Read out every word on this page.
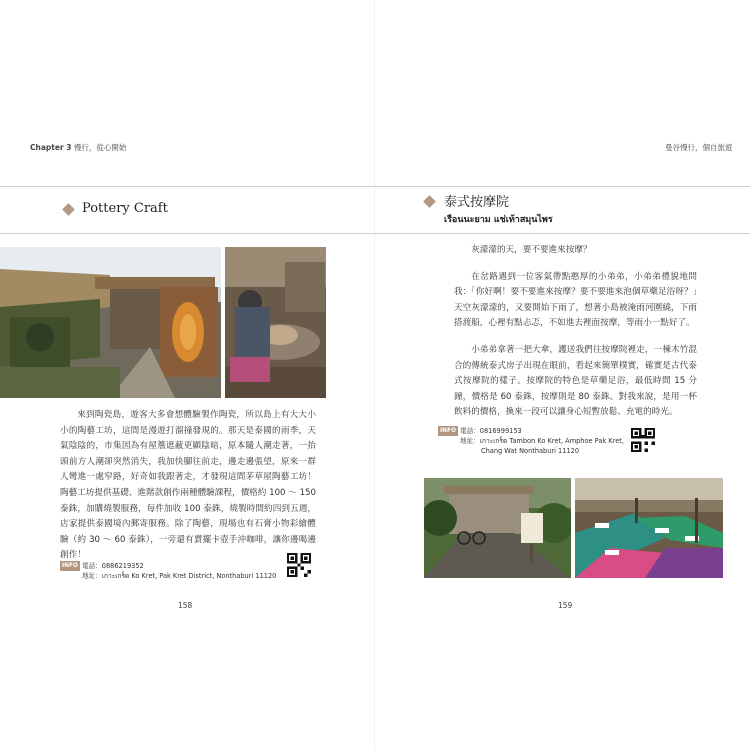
Chapter 3 慢行，從心開始
Pottery Craft

來到陶瓷島，遊客大多會想體驗製作陶瓷，所以島上有大大小小的陶藝工坊，這間是漫遊打溜撞發現的。那天是泰國的雨季，天氣陰陰的，市集因為有屋簷遮蔽更顯陰暗，原本隨人潮走著，一抬頭前方人潮卻突然消失，我加快腳往前走，邊走邊張望，原來一群人彎進一處窄路，好奇如我跟著走，才發現這間茅草屋陶藝工坊！陶藝工坊提供基礎、進階款創作兩種體驗課程，價格約 100 ～ 150 泰銖，加購燒製服務，每件加收 100 泰銖，燒製時間約四到五週，店家提供泰國境內郵寄服務。除了陶藝，現場也有石膏小物彩繪體驗（約 30 ～ 60 泰銖），一旁還有賣擺卡壺手沖咖啡，讓你邊喝邊創作！

INFO 電話：0886219352
地址：เกาะเกร็ด Ko Kret, Pak Kret District, Nonthaburi 11120
158
曼谷慢行，個自旅遊
泰式按摩院
เรือนนะยาม แช่เท้าสมุนไพร

灰濛濛的天，要不要進來按摩？

在岔路遇到一位客氣帶點憨厚的小弟弟，小弟弟禮貌地問我：「你好啊！要不要進來按摩？要不要進來泡個草藥足浴呀？」天空灰濛濛的，又要開始下雨了，想著小島被淹雨河圍繞，下雨搭渡船，心裡有點忐忑，不如進去裡面按摩，等雨小一點好了。

小弟弟拿著一把大傘，護送我們往按摩院裡走，一棟木竹混合的傳統泰式房子出現在眼前，看起來簡單樸實，確實是古代泰式按摩院的樣子。按摩院的特色是草藥足浴，最低時間 15 分鐘，價格是 60 泰銖，按摩則是 80 泰銖。對我來說，是用一杯飲料的價格，換來一段可以讓身心短暫放鬆、充電的時光。

INFO 電話：0816999153
地址：เกาะเกร็ด Tambon Ko Kret, Amphoe Pak Kret,
Chang Wat Nonthaburi 11120
159
